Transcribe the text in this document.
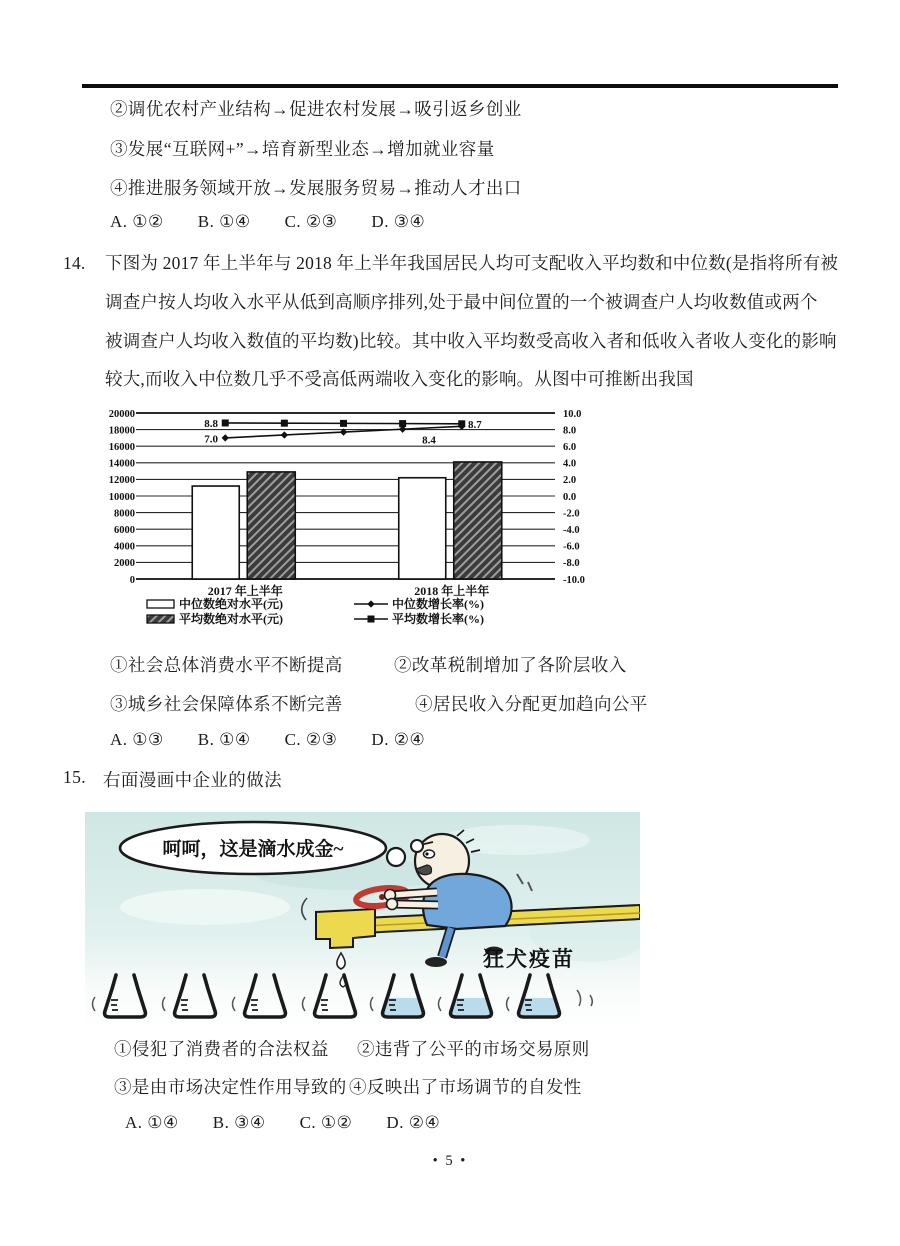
②调优农村产业结构→促进农村发展→吸引返乡创业
③发展“互联网+”→培育新型业态→增加就业容量
④推进服务领域开放→发展服务贸易→推动人才出口
A. ①② B. ①④ C. ②③ D. ③④
14. 下图为 2017 年上半年与 2018 年上半年我国居民人均可支配收入平均数和中位数(是指将所有被
调查户按人均收入水平从低到高顺序排列,处于最中间位置的一个被调查户人均收数值或两个
被调查户人均收入数值的平均数)比较。其中收入平均数受高收入者和低收入者收人变化的影响
较大,而收入中位数几乎不受高低两端收入变化的影响。从图中可推断出我国
20000	10.0
18000	8.0
16000	6.0
14000	4.0
12000	2.0
10000	0.0
8000	-2.0
6000	-4.0
4000	-6.0
2000	-8.0
0	-10.0
2017 年上半年	2018 年上半年
8.8	8.7
7.0	8.4
中位数绝对水平(元)
平均数绝对水平(元)
中位数增长率(%)
平均数增长率(%)
①社会总体消费水平不断提高	②改革税制增加了各阶层收入
③城乡社会保障体系不断完善	④居民收入分配更加趋向公平
A. ①③ B. ①④ C. ②③ D. ②④
15. 右面漫画中企业的做法
呵呵，这是滴水成金~
狂犬疫苗
①侵犯了消费者的合法权益 ②违背了公平的市场交易原则
③是由市场决定性作用导致的 ④反映出了市场调节的自发性
A. ①④ B. ③④ C. ①② D. ②④
• 5 •
